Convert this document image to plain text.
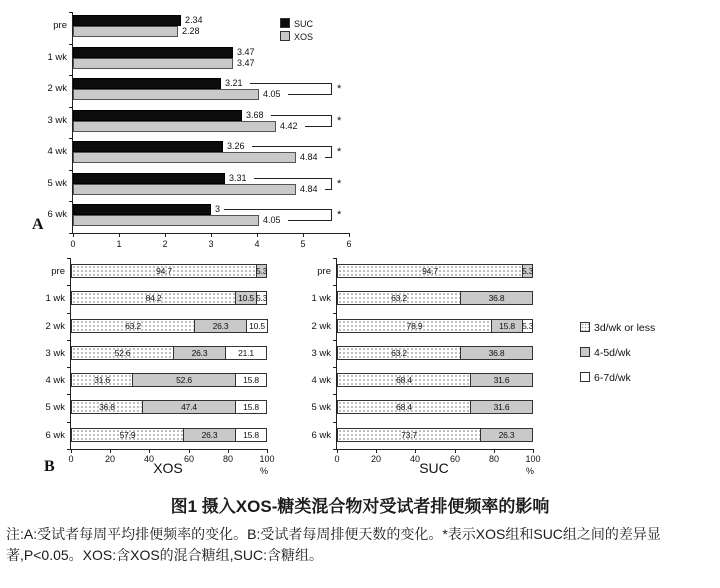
pre	2.34
2.28
1 wk	3.47
3.47
2 wk	3.21
4.05	*
3 wk	3.68
4.42	*
4 wk	3.26
4.84 *
5 wk	3.31
4.84 *
6 wk	3
4.05	*
0	1	2	3	4	5	6
SUC
XOS
A
pre	94.7	5.3
1 wk	84.2	10.5 5.3
2 wk	63.2	26.3	10.5
3 wk	52.6	26.3	21.1
4 wk	31.6	52.6	15.8
5 wk	36.8	47.4	15.8
6 wk	57.9	26.3	15.8
0	20	40	60	80	100
%
pre	94.7	5.3
1 wk	63.2	36.8
2 wk	78.9	15.8 5.3
3 wk	63.2	36.8
4 wk	68.4	31.6
5 wk	68.4	31.6
6 wk	73.7	26.3
0	20	40	60	80	100
%
XOS	SUC
3d/wk or less
4-5d/wk
6-7d/wk
B
图1 摄入XOS-糖类混合物对受试者排便频率的影响
注:A:受试者每周平均排便频率的变化。B:受试者每周排便天数的变化。*表示XOS组和SUC组之间的差异显著,P<0.05。XOS:含XOS的混合糖组,SUC:含糖组。
